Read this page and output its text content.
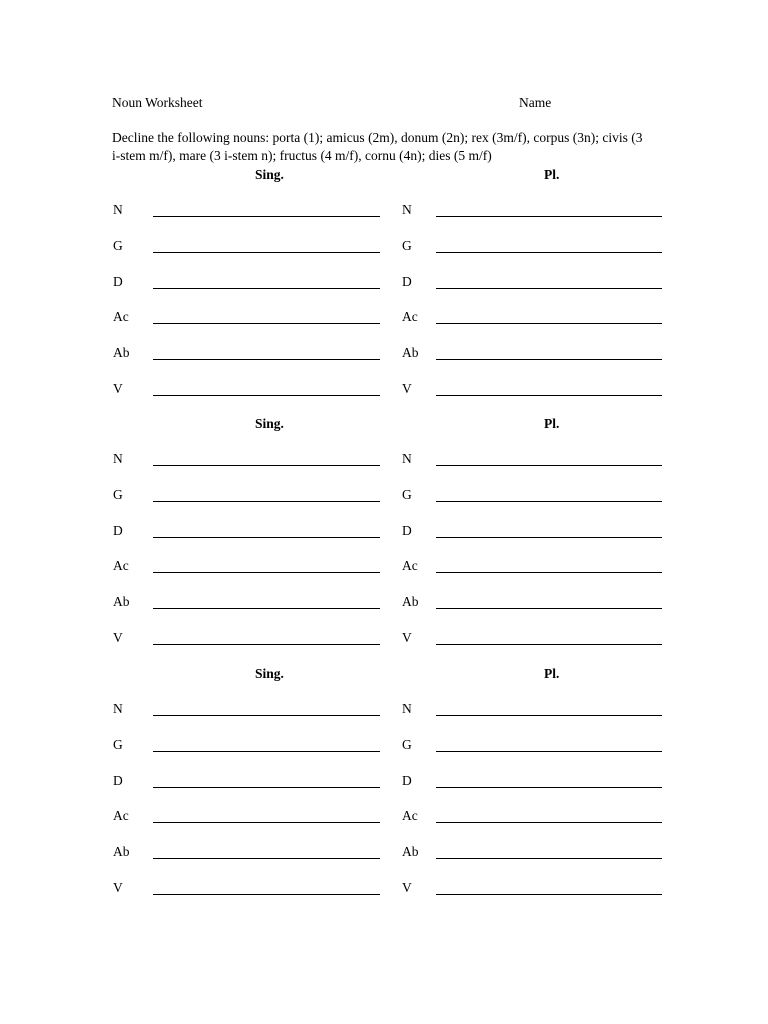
Noun Worksheet	Name
Decline the following nouns: porta (1); amicus (2m), donum (2n); rex (3m/f), corpus (3n); civis (3 i-stem m/f), mare (3 i-stem n); fructus (4 m/f), cornu (4n); dies (5 m/f)
Sing.	Pl.
N	N
G	G
D	D
Ac	Ac
Ab	Ab
V	V
Sing.	Pl.
N	N
G	G
D	D
Ac	Ac
Ab	Ab
V	V
Sing.	Pl.
N	N
G	G
D	D
Ac	Ac
Ab	Ab
V	V
